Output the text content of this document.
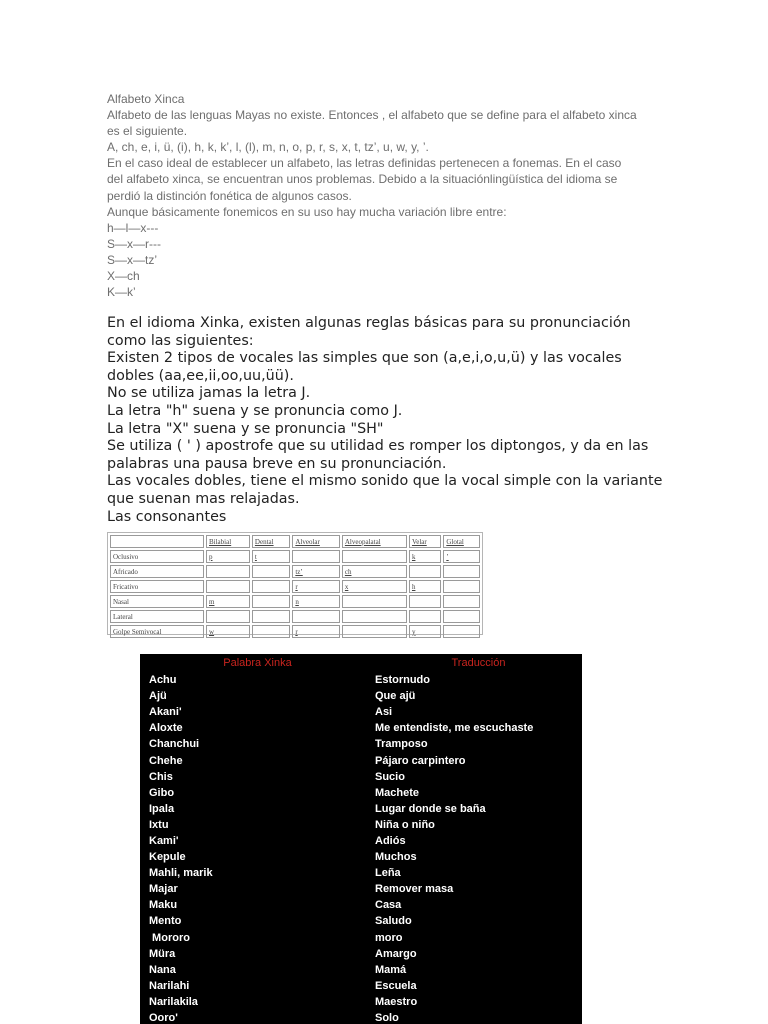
Alfabeto Xinca
Alfabeto de las lenguas Mayas no existe. Entonces , el alfabeto que se define para el alfabeto xinca
es el siguiente.
A, ch, e, i, ü, (i), h, k, k’, l, (l), m, n, o, p, r, s, x, t, tz’, u, w, y, ’.
En el caso ideal de establecer un alfabeto, las letras definidas pertenecen a fonemas. En el caso
del alfabeto xinca, se encuentran unos problemas. Debido a la situaciónlingüística del idioma se
perdió la distinción fonética de algunos casos.
Aunque básicamente fonemicos en su uso hay mucha variación libre entre:
h—l—x---
S—x—r---
S—x—tz’
X—ch
K—k’
En el idioma Xinka, existen algunas reglas básicas para su pronunciación como las siguientes:
Existen 2 tipos de vocales las simples que son (a,e,i,o,u,ü) y las vocales dobles (aa,ee,ii,oo,uu,üü).
No se utiliza jamas la letra J.
La letra "h" suena y se pronuncia como J.
La letra "X" suena y se pronuncia "SH"
Se utiliza ( ' ) apostrofe que su utilidad es romper los diptongos, y da en las palabras una pausa breve en su pronunciación.
Las vocales dobles, tiene el mismo sonido que la vocal simple con la variante que suenan mas relajadas.
Las consonantes
	Bilabial	Dental	Alveolar	Alveopalatal	Velar	Glotal
Oclusivo	p	t			k	’
Africado			tz’	ch		
Fricativo			r	x	h	
Nasal	m		n			
Lateral						
Golpe Semivocal	w		r		y	
Palabra Xinka	Traducción
Achu	Estornudo
Ajü	Que ajü
Akani'	Asi
Aloxte	Me entendiste, me escuchaste
Chanchui	Tramposo
Chehe	Pájaro carpintero
Chis	Sucio
Gibo	Machete
Ipala	Lugar donde se baña
Ixtu	Niña o niño
Kami'	Adiós
Kepule	Muchos
Mahli, marik	Leña
Majar	Remover masa
Maku	Casa
Mento	Saludo
Mororo	moro
Müra	Amargo
Nana	Mamá
Narilahi	Escuela
Narilakila	Maestro
Ooro'	Solo
